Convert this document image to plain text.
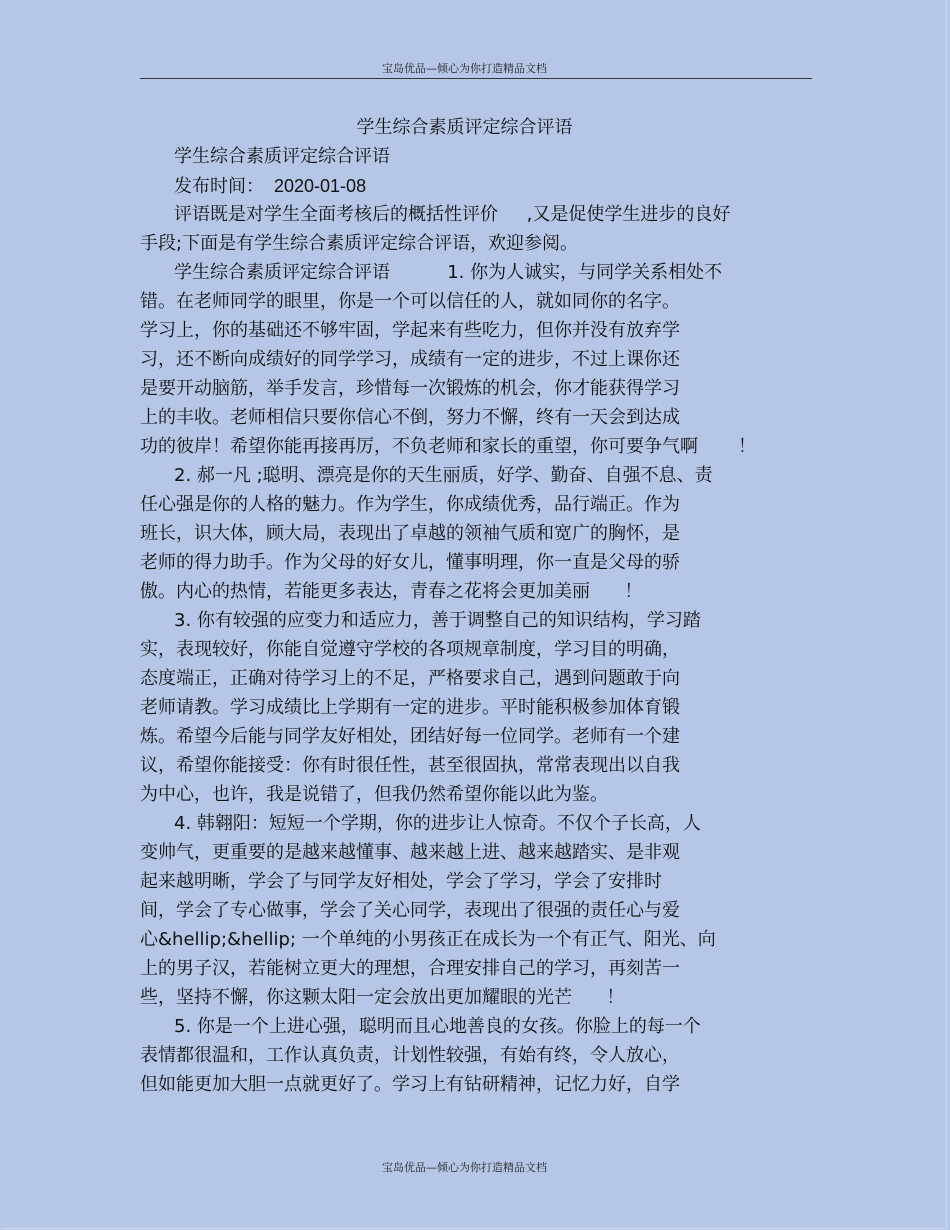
宝岛优品—倾心为你打造精品文档
学生综合素质评定综合评语
学生综合素质评定综合评语
发布时间：  2020-01-08
评语既是对学生全面考核后的概括性评价     ,又是促使学生进步的良好
手段;下面是有学生综合素质评定综合评语，欢迎参阅。
学生综合素质评定综合评语          1. 你为人诚实，与同学关系相处不
错。在老师同学的眼里，你是一个可以信任的人，就如同你的名字。
学习上，你的基础还不够牢固，学起来有些吃力，但你并没有放弃学
习，还不断向成绩好的同学学习，成绩有一定的进步，不过上课你还
是要开动脑筋，举手发言，珍惜每一次锻炼的机会，你才能获得学习
上的丰收。老师相信只要你信心不倒，努力不懈，终有一天会到达成
功的彼岸！希望你能再接再厉，不负老师和家长的重望，你可要争气啊       ！
2. 郝一凡 ;聪明、漂亮是你的天生丽质，好学、勤奋、自强不息、责
任心强是你的人格的魅力。作为学生，你成绩优秀，品行端正。作为
班长，识大体，顾大局，表现出了卓越的领袖气质和宽广的胸怀，是
老师的得力助手。作为父母的好女儿，懂事明理，你一直是父母的骄
傲。内心的热情，若能更多表达，青春之花将会更加美丽      ！
3. 你有较强的应变力和适应力，善于调整自己的知识结构，学习踏
实，表现较好，你能自觉遵守学校的各项规章制度，学习目的明确，
态度端正，正确对待学习上的不足，严格要求自己，遇到问题敢于向
老师请教。学习成绩比上学期有一定的进步。平时能积极参加体育锻
炼。希望今后能与同学友好相处，团结好每一位同学。老师有一个建
议，希望你能接受：你有时很任性，甚至很固执，常常表现出以自我
为中心，也许，我是说错了，但我仍然希望你能以此为鉴。
4. 韩翱阳：短短一个学期，你的进步让人惊奇。不仅个子长高，人
变帅气，更重要的是越来越懂事、越来越上进、越来越踏实、是非观
起来越明晰，学会了与同学友好相处，学会了学习，学会了安排时
间，学会了专心做事，学会了关心同学，表现出了很强的责任心与爱
心&hellip;&hellip; 一个单纯的小男孩正在成长为一个有正气、阳光、向
上的男子汉，若能树立更大的理想，合理安排自己的学习，再刻苦一
些，坚持不懈，你这颗太阳一定会放出更加耀眼的光芒      ！
5. 你是一个上进心强，聪明而且心地善良的女孩。你脸上的每一个
表情都很温和，工作认真负责，计划性较强，有始有终，令人放心，
但如能更加大胆一点就更好了。学习上有钻研精神，记忆力好，自学
宝岛优品—倾心为你打造精品文档
